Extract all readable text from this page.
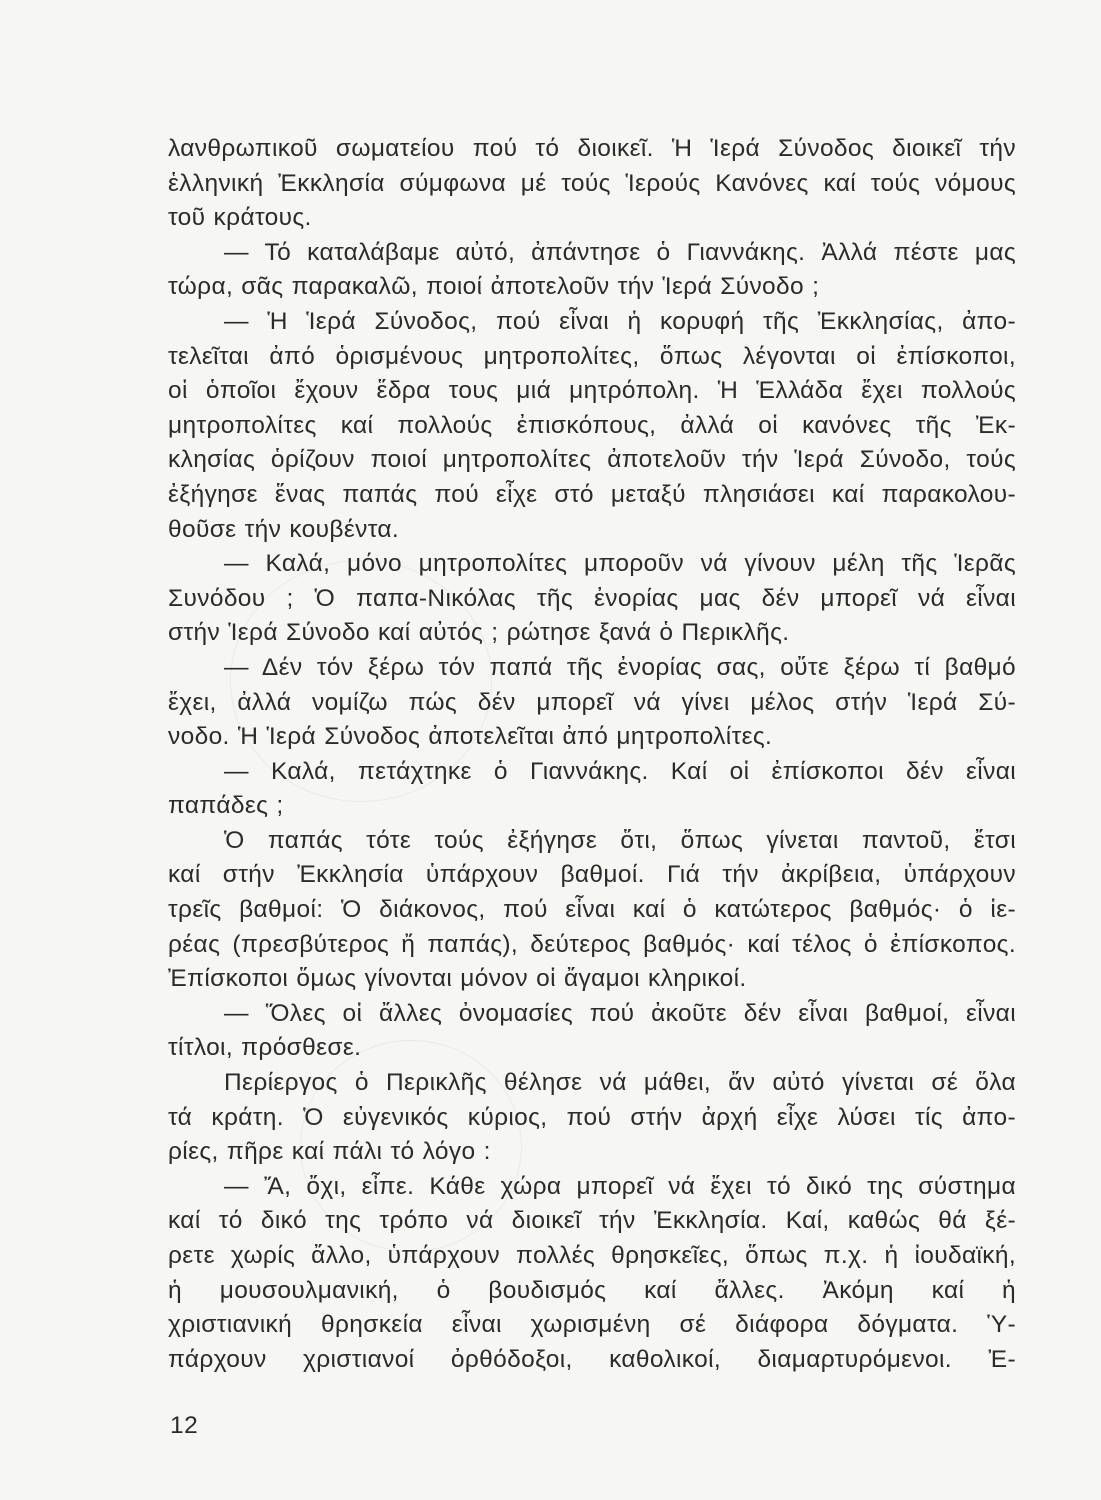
λανθρωπικοῦ σωματείου πού τό διοικεῖ. Ἡ Ἱερά Σύνοδος διοικεῖ τήν
ἑλληνική Ἐκκλησία σύμφωνα μέ τούς Ἱερούς Κανόνες καί τούς νόμους
τοῦ κράτους.
— Τό καταλάβαμε αὐτό, ἀπάντησε ὁ Γιαννάκης. Ἀλλά πέστε μας
τώρα, σᾶς παρακαλῶ, ποιοί ἀποτελοῦν τήν Ἱερά Σύνοδο ;
— Ἡ Ἱερά Σύνοδος, πού εἶναι ἡ κορυφή τῆς Ἐκκλησίας, ἀπο-
τελεῖται ἀπό ὁρισμένους μητροπολίτες, ὅπως λέγονται οἱ ἐπίσκοποι,
οἱ ὁποῖοι ἔχουν ἕδρα τους μιά μητρόπολη. Ἡ Ἑλλάδα ἔχει πολλούς
μητροπολίτες καί πολλούς ἐπισκόπους, ἀλλά οἱ κανόνες τῆς Ἐκ-
κλησίας ὁρίζουν ποιοί μητροπολίτες ἀποτελοῦν τήν Ἱερά Σύνοδο, τούς
ἐξήγησε ἕνας παπάς πού εἶχε στό μεταξύ πλησιάσει καί παρακολου-
θοῦσε τήν κουβέντα.
— Καλά, μόνο μητροπολίτες μποροῦν νά γίνουν μέλη τῆς Ἱερᾶς
Συνόδου ; Ὁ παπα-Νικόλας τῆς ἐνορίας μας δέν μπορεῖ νά εἶναι
στήν Ἱερά Σύνοδο καί αὐτός ; ρώτησε ξανά ὁ Περικλῆς.
— Δέν τόν ξέρω τόν παπά τῆς ἐνορίας σας, οὔτε ξέρω τί βαθμό
ἔχει, ἀλλά νομίζω πώς δέν μπορεῖ νά γίνει μέλος στήν Ἱερά Σύ-
νοδο. Ἡ Ἱερά Σύνοδος ἀποτελεῖται ἀπό μητροπολίτες.
— Καλά, πετάχτηκε ὁ Γιαννάκης. Καί οἱ ἐπίσκοποι δέν εἶναι
παπάδες ;
Ὁ παπάς τότε τούς ἐξήγησε ὅτι, ὅπως γίνεται παντοῦ, ἔτσι
καί στήν Ἐκκλησία ὑπάρχουν βαθμοί. Γιά τήν ἀκρίβεια, ὑπάρχουν
τρεῖς βαθμοί: Ὁ διάκονος, πού εἶναι καί ὁ κατώτερος βαθμός· ὁ ἱε-
ρέας (πρεσβύτερος ἤ παπάς), δεύτερος βαθμός· καί τέλος ὁ ἐπίσκοπος.
Ἐπίσκοποι ὅμως γίνονται μόνον οἱ ἄγαμοι κληρικοί.
— Ὅλες οἱ ἄλλες ὀνομασίες πού ἀκοῦτε δέν εἶναι βαθμοί, εἶναι
τίτλοι, πρόσθεσε.
Περίεργος ὁ Περικλῆς θέλησε νά μάθει, ἄν αὐτό γίνεται σέ ὅλα
τά κράτη. Ὁ εὐγενικός κύριος, πού στήν ἀρχή εἶχε λύσει τίς ἀπο-
ρίες, πῆρε καί πάλι τό λόγο :
— Ἄ, ὄχι, εἶπε. Κάθε χώρα μπορεῖ νά ἔχει τό δικό της σύστημα
καί τό δικό της τρόπο νά διοικεῖ τήν Ἐκκλησία. Καί, καθώς θά ξέ-
ρετε χωρίς ἄλλο, ὑπάρχουν πολλές θρησκεῖες, ὅπως π.χ. ἡ ἰουδαϊκή,
ἡ μουσουλμανική, ὁ βουδισμός καί ἄλλες. Ἀκόμη καί ἡ
χριστιανική θρησκεία εἶναι χωρισμένη σέ διάφορα δόγματα. Ὑ-
πάρχουν χριστιανοί ὀρθόδοξοι, καθολικοί, διαμαρτυρόμενοι. Ἐ-
12
